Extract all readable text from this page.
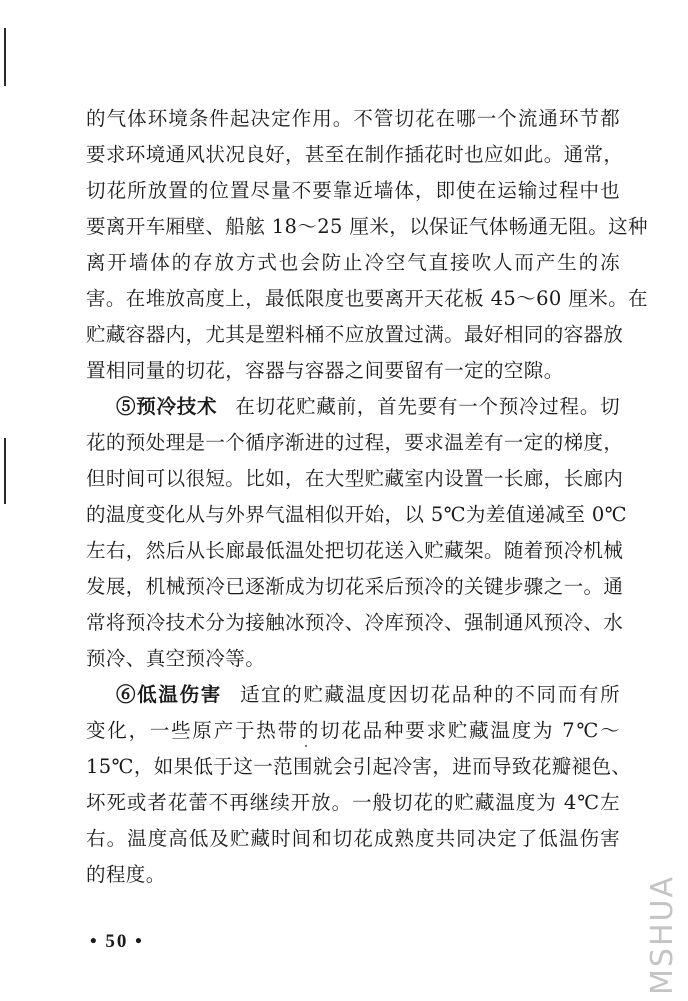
的气体环境条件起决定作用。不管切花在哪一个流通环节都
要求环境通风状况良好，甚至在制作插花时也应如此。通常，
切花所放置的位置尽量不要靠近墙体，即使在运输过程中也
要离开车厢壁、船舷 18～25 厘米，以保证气体畅通无阻。这种
离开墙体的存放方式也会防止冷空气直接吹人而产生的冻
害。在堆放高度上，最低限度也要离开天花板 45～60 厘米。在
贮藏容器内，尤其是塑料桶不应放置过满。最好相同的容器放
置相同量的切花，容器与容器之间要留有一定的空隙。
⑤预冷技术 在切花贮藏前，首先要有一个预冷过程。切
花的预处理是一个循序渐进的过程，要求温差有一定的梯度，
但时间可以很短。比如，在大型贮藏室内设置一长廊，长廊内
的温度变化从与外界气温相似开始，以 5℃为差值递减至 0℃
左右，然后从长廊最低温处把切花送入贮藏架。随着预冷机械
发展，机械预冷已逐渐成为切花采后预冷的关键步骤之一。通
常将预冷技术分为接触冰预冷、冷库预冷、强制通风预冷、水
预冷、真空预冷等。
⑥低温伤害 适宜的贮藏温度因切花品种的不同而有所
变化，一些原产于热带的切花品种要求贮藏温度为 7℃～
15℃，如果低于这一范围就会引起冷害，进而导致花瓣褪色、
坏死或者花蕾不再继续开放。一般切花的贮藏温度为 4℃左
右。温度高低及贮藏时间和切花成熟度共同决定了低温伤害
的程度。
• 50 •	MSHUA
